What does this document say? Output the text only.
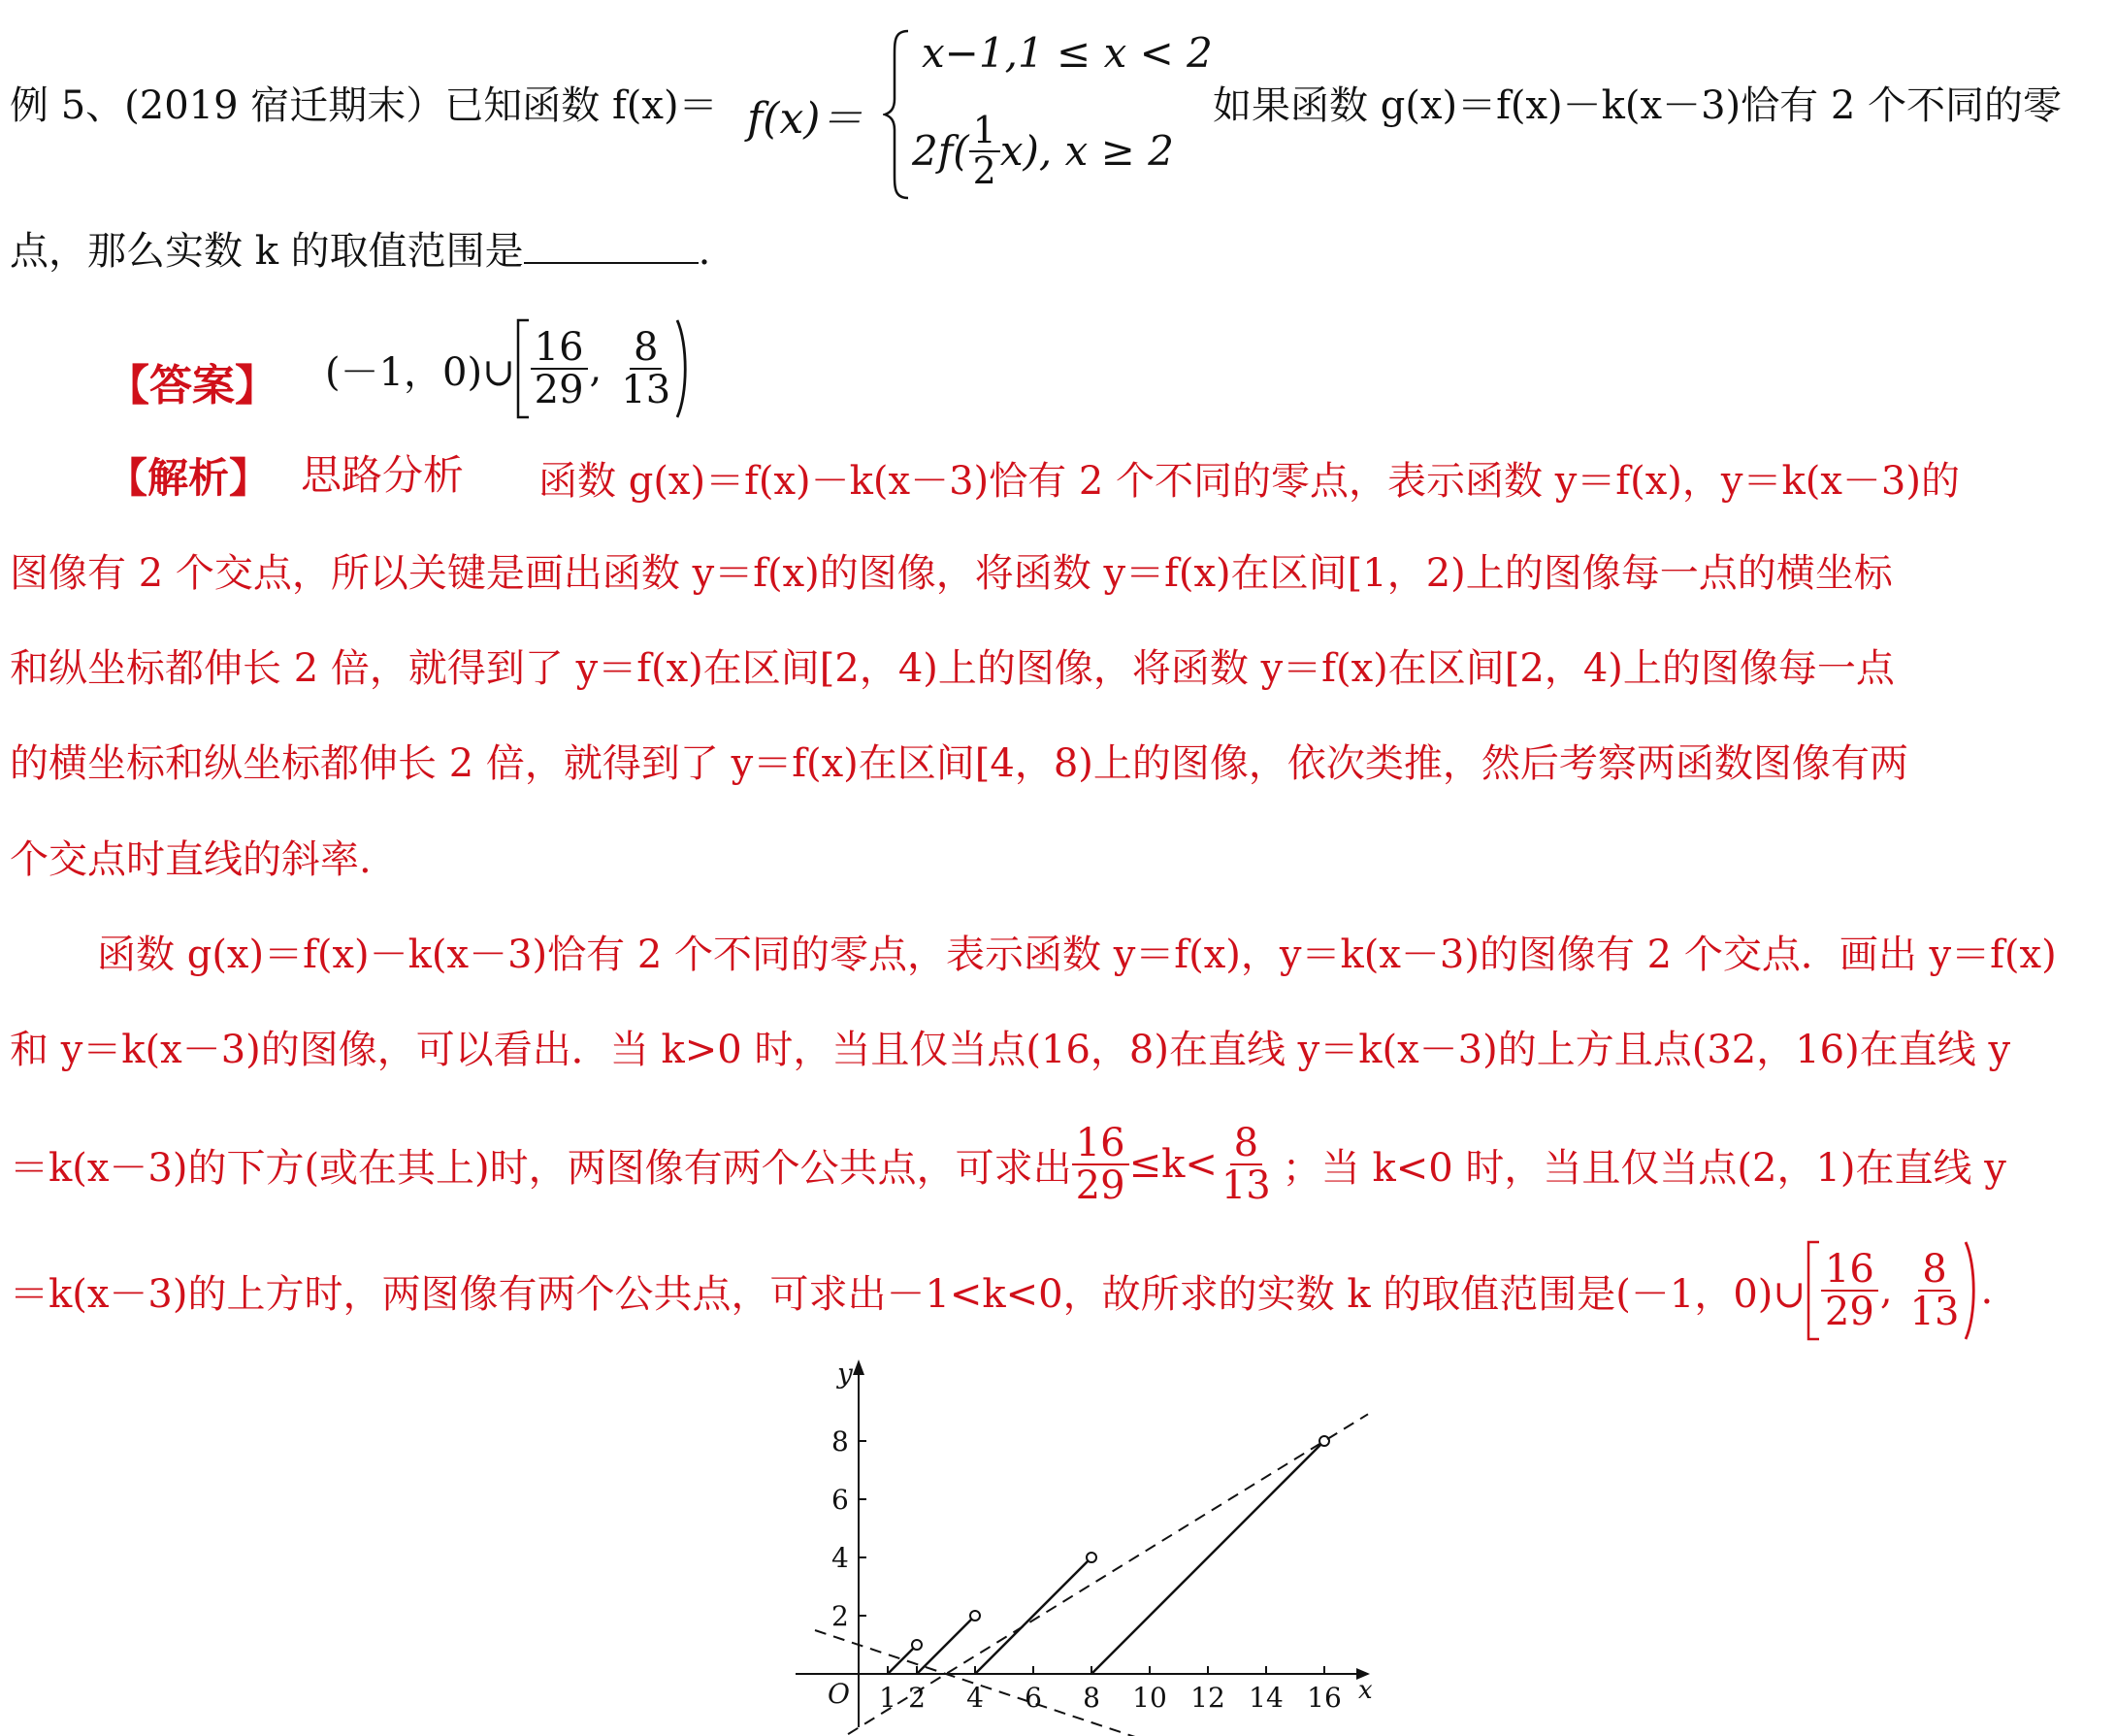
例 5、(2019 宿迁期末）已知函数 f(x)＝ f(x)＝
x−1,1 ≤ x < 2
$2f( \frac{1}{2} x)$, x ≥ 2
如果函数 g(x)＝f(x)－k(x－3)恰有 2 个不同的零
点，那么实数 k 的取值范围是	.
【答案】 (－1，0)∪ $\frac{16}{29}$ , $\frac{8}{13}$
【解析】 思路分析 函数 g(x)＝f(x)－k(x－3)恰有 2 个不同的零点，表示函数 y＝f(x)，y＝k(x－3)的
图像有 2 个交点，所以关键是画出函数 y＝f(x)的图像，将函数 y＝f(x)在区间[1，2)上的图像每一点的横坐标
和纵坐标都伸长 2 倍，就得到了 y＝f(x)在区间[2，4)上的图像，将函数 y＝f(x)在区间[2，4)上的图像每一点
的横坐标和纵坐标都伸长 2 倍，就得到了 y＝f(x)在区间[4，8)上的图像，依次类推，然后考察两函数图像有两
个交点时直线的斜率.
函数 g(x)＝f(x)－k(x－3)恰有 2 个不同的零点，表示函数 y＝f(x)，y＝k(x－3)的图像有 2 个交点．画出 y＝f(x)
和 y＝k(x－3)的图像，可以看出．当 k>0 时，当且仅当点(16，8)在直线 y＝k(x－3)的上方且点(32，16)在直线 y
＝k(x－3)的下方(或在其上)时，两图像有两个公共点，可求出 $\frac{16}{29} \le k< \frac{8}{13}$ ；当 k<0 时，当且仅当点(2，1)在直线 y
＝k(x－3)的上方时，两图像有两个公共点，可求出－1<k<0，故所求的实数 k 的取值范围是(－1，0)∪ $\frac{16}{29}$ , $\frac{8}{13}$ .
y
x
O
2
4
6
8
1 2 4 6 8 10 12 14 16
